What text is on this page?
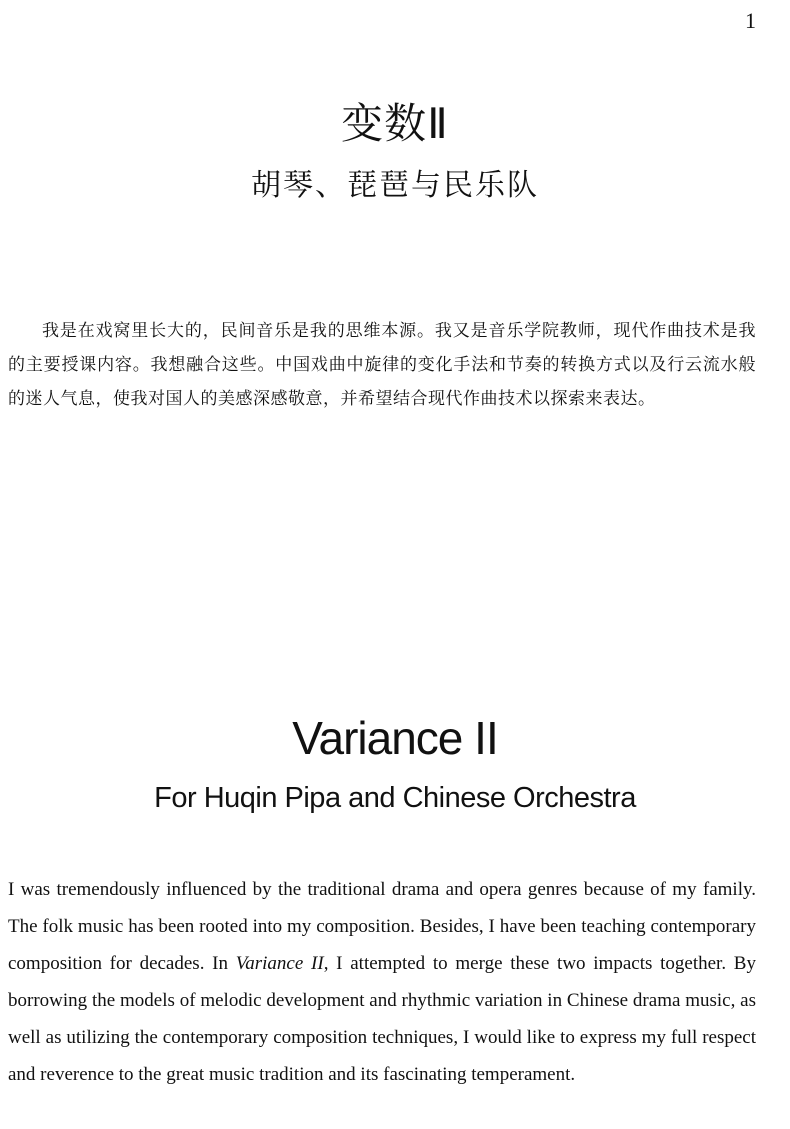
1
变数Ⅱ
胡琴、琵琶与民乐队

我是在戏窝里长大的，民间音乐是我的思维本源。我又是音乐学院教师，现代作曲技术是我的主要授课内容。我想融合这些。中国戏曲中旋律的变化手法和节奏的转换方式以及行云流水般的迷人气息，使我对国人的美感深感敬意，并希望结合现代作曲技术以探索来表达。

Variance II
For Huqin Pipa and Chinese Orchestra

I was tremendously influenced by the traditional drama and opera genres because of my family. The folk music has been rooted into my composition. Besides, I have been teaching contemporary composition for decades. In Variance II, I attempted to merge these two impacts together. By borrowing the models of melodic development and rhythmic variation in Chinese drama music, as well as utilizing the contemporary composition techniques, I would like to express my full respect and reverence to the great music tradition and its fascinating temperament.
